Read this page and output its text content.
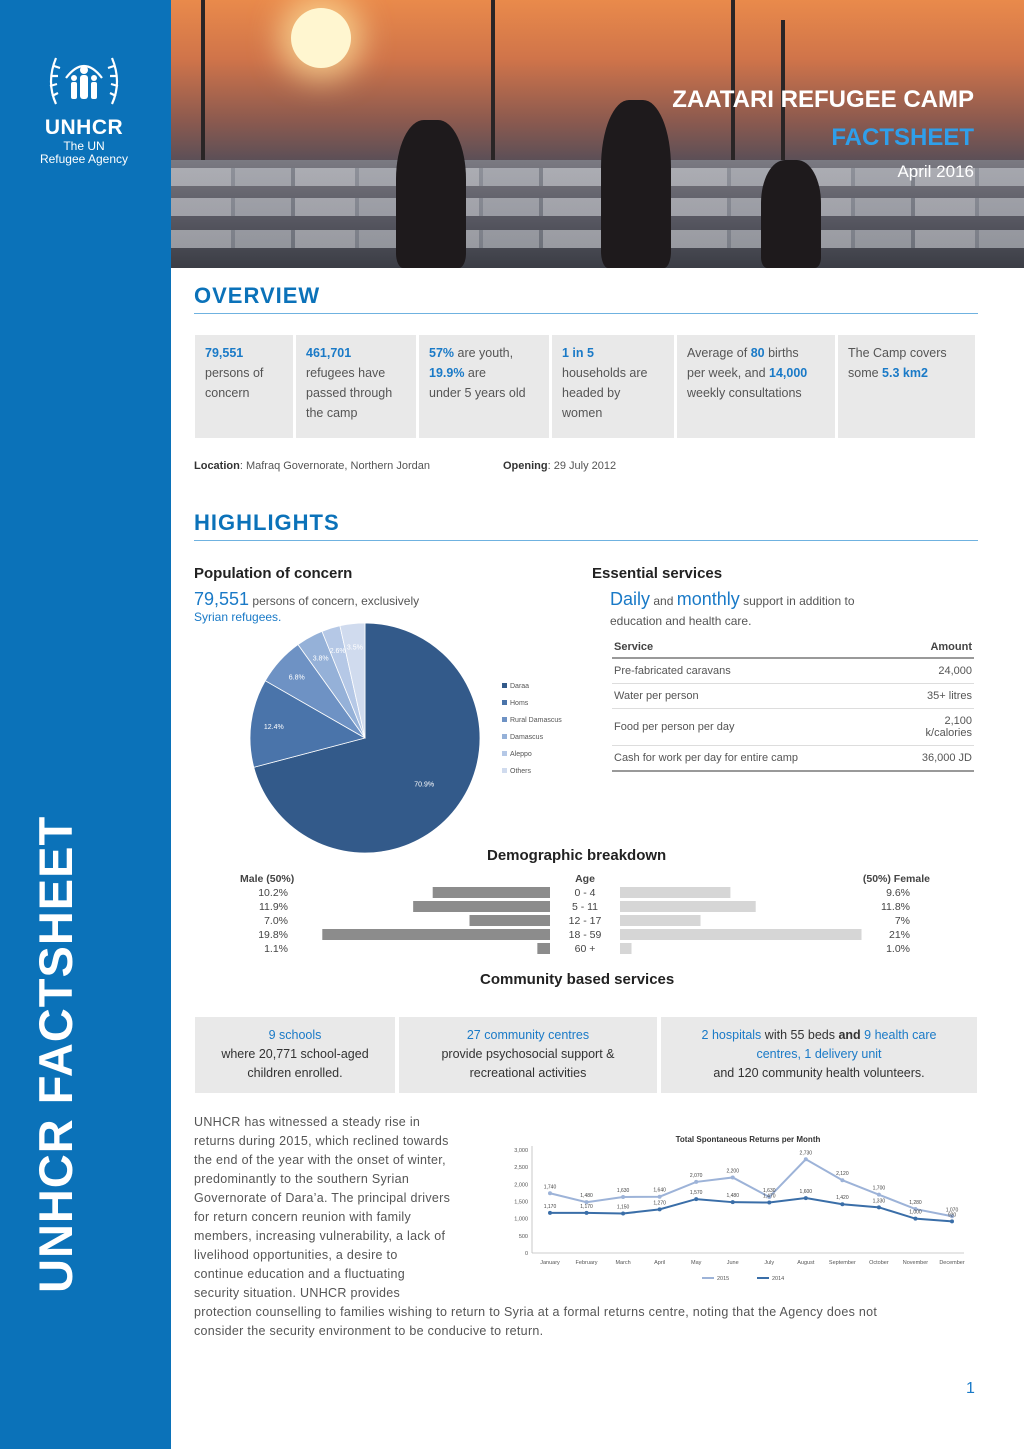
UNHCR
The UN
Refugee Agency
UNHCR FACTSHEET
ZAATARI REFUGEE CAMP
FACTSHEET
April 2016
OVERVIEW
79,551
persons of
concern
461,701
refugees have
passed through
the camp
57% are youth,
19.9% are
under 5 years old
1 in 5
households are
headed by
women
Average of 80 births
per week, and 14,000
weekly consultations
The Camp covers
some 5.3 km2
Location: Mafraq Governorate, Northern Jordan	Opening: 29 July 2012
HIGHLIGHTS
Population of concern
79,551 persons of concern, exclusively
Syrian refugees.
70.9%
12.4%
6.8%
3.8%
2.6%
3.5%
Daraa
Homs
Rural Damascus
Damascus
Aleppo
Others
Essential services
Daily and monthly support in addition to
education and health care.
Service	Amount
Pre-fabricated caravans	24,000
Water per person	35+ litres
Food per person per day	2,100 k/calories
Cash for work per day for entire camp	36,000 JD
Demographic breakdown
Male (50%)	Age	(50%) Female
10.2%	0 - 4	9.6%
11.9%	5 - 11	11.8%
7.0%	12 - 17	7%
19.8%	18 - 59	21%
1.1%	60 +	1.0%
Community based services
9 schools
where 20,771 school-aged
children enrolled.
27 community centres
provide psychosocial support &
recreational activities
2 hospitals with 55 beds and 9 health care
centres, 1 delivery unit
and 120 community health volunteers.
UNHCR has witnessed a steady rise in
returns during 2015, which reclined towards
the end of the year with the onset of winter,
predominantly to the southern Syrian
Governorate of Dara’a. The principal drivers
for return concern reunion with family
members, increasing vulnerability, a lack of
livelihood opportunities, a desire to
continue education and a fluctuating
security situation. UNHCR provides
protection counselling to families wishing to return to Syria at a formal returns centre, noting that the Agency does not
consider the security environment to be conducive to return.
Total Spontaneous Returns per Month
0
500
1,000
1,500
2,000
2,500
3,000
January	February	March	April	May	June	July	August	September October	November December
1,740
1,480
1,630	1,640
2,070
2,200
1,630
2,730
2,120
1,700
1,280
1,070
2015
1,170	1,170	1,150
1,270
1,570
1,480	1,470
1,600
1,420
1,330
1,000	920
2014
1
